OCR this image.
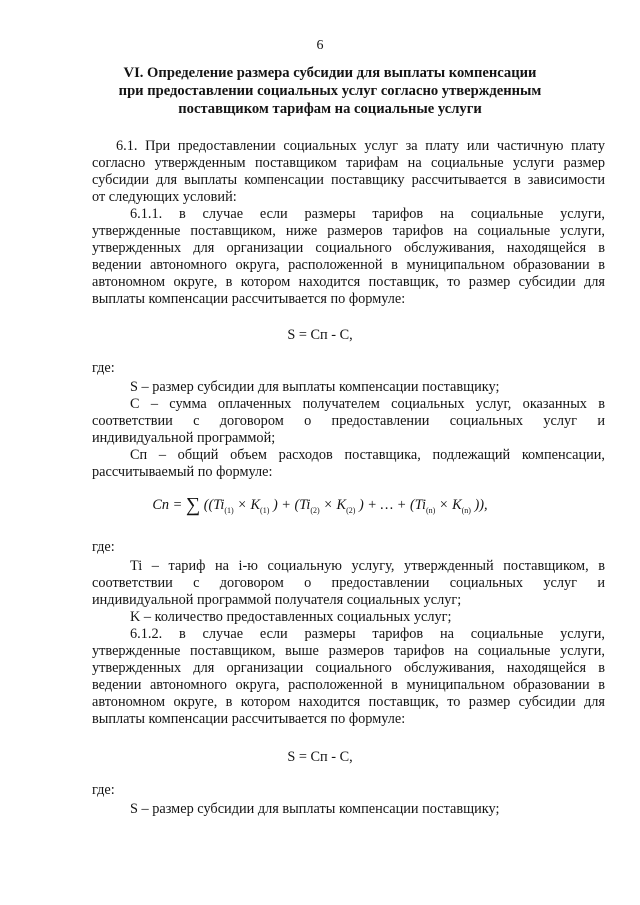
6
VI. Определение размера субсидии для выплаты компенсации
при предоставлении социальных услуг согласно утвержденным
поставщиком тарифам на социальные услуги
6.1. При предоставлении социальных услуг за плату или частичную плату
согласно утвержденным поставщиком тарифам на социальные услуги размер
субсидии для выплаты компенсации поставщику рассчитывается в зависимости
от следующих условий:
6.1.1. в случае если размеры тарифов на социальные услуги,
утвержденные поставщиком, ниже размеров тарифов на социальные услуги,
утвержденных для организации социального обслуживания, находящейся в
ведении автономного округа, расположенной в муниципальном образовании в
автономном округе, в котором находится поставщик, то размер субсидии для
выплаты компенсации рассчитывается по формуле:
S = Сп - С,
где:
S – размер субсидии для выплаты компенсации поставщику;
С – сумма оплаченных получателем социальных услуг, оказанных в
соответствии с договором о предоставлении социальных услуг и
индивидуальной программой;
Сп – общий объем расходов поставщика, подлежащий компенсации,
рассчитываемый по формуле:
Сп = ∑ (($Ti_{(1)} \times K_{(1)}$ ) + ($Ti_{(2)} \times K_{(2)}$ ) + … + ($Ti_{(n)} \times K_{(n)}$ )),
где:
Ti – тариф на i-ю социальную услугу, утвержденный поставщиком, в
соответствии с договором о предоставлении социальных услуг и
индивидуальной программой получателя социальных услуг;
K – количество предоставленных социальных услуг;
6.1.2. в случае если размеры тарифов на социальные услуги,
утвержденные поставщиком, выше размеров тарифов на социальные услуги,
утвержденных для организации социального обслуживания, находящейся в
ведении автономного округа, расположенной в муниципальном образовании в
автономном округе, в котором находится поставщик, то размер субсидии для
выплаты компенсации рассчитывается по формуле:
S = Сп - С,
где:
S – размер субсидии для выплаты компенсации поставщику;
